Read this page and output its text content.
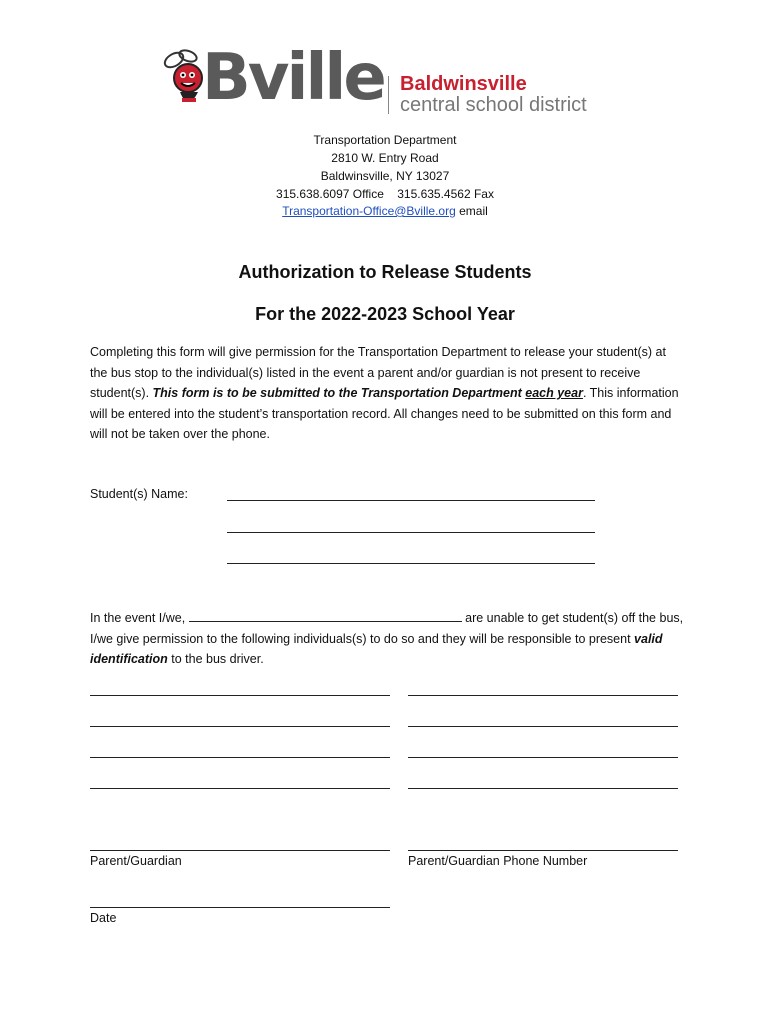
Bville Baldwinsville
central school district
Transportation Department
2810 W. Entry Road
Baldwinsville, NY 13027
315.638.6097 Office    315.635.4562 Fax
Transportation-Office@Bville.org email
Authorization to Release Students
For the 2022-2023 School Year
Completing this form will give permission for the Transportation Department to release your student(s) at the bus stop to the individual(s) listed in the event a parent and/or guardian is not present to receive student(s). This form is to be submitted to the Transportation Department each year. This information will be entered into the student’s transportation record. All changes need to be submitted on this form and will not be taken over the phone.
Student(s) Name:
In the event I/we,	are unable to get student(s) off the bus, I/we give permission to the following individuals(s) to do so and they will be responsible to present valid identification to the bus driver.
Parent/Guardian	Parent/Guardian Phone Number
Date
